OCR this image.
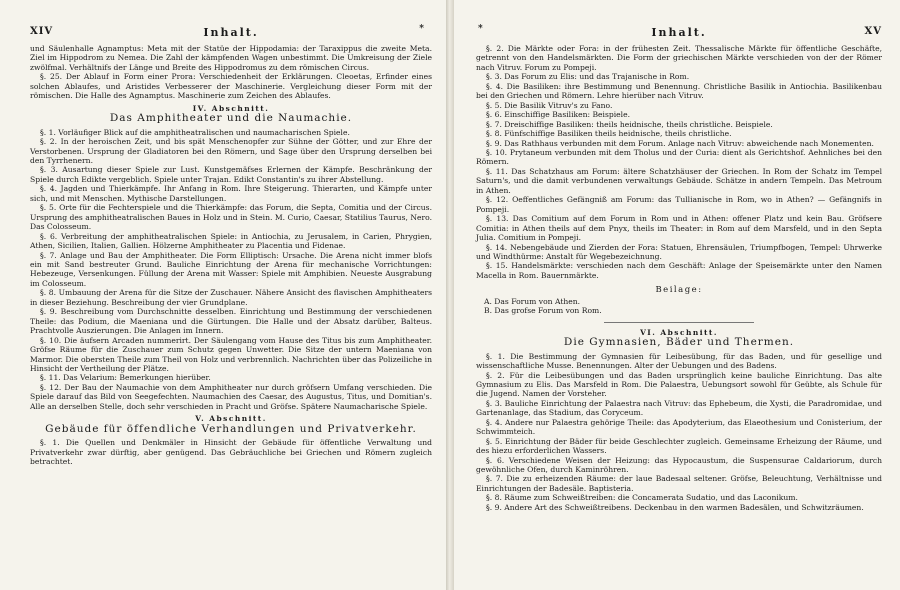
XIV	Inhalt.	*

und Säulenhalle Agnamptus: Meta mit der Statüe der Hippodamia: der Taraxippus die zweite Meta. Ziel im Hippodrom zu Nemea. Die Zahl der kämpfenden Wagen unbestimmt. Die Umkreisung der Ziele zwölfmal. Verhältnifs der Länge und Breite des Hippodromus zu dem römischen Circus.

§. 25. Der Ablauf in Form einer Prora: Verschiedenheit der Erklärungen. Cleoetas, Erfinder eines solchen Ablaufes, und Aristides Verbesserer der Maschinerie. Vergleichung dieser Form mit der römischen. Die Halle des Agnamptus. Maschinerie zum Zeichen des Ablaufes.

IV. Abschnitt.
Das Amphitheater und die Naumachie.

§. 1. Vorläufiger Blick auf die amphitheatralischen und naumacharischen Spiele.

§. 2. In der heroischen Zeit, und bis spät Menschenopfer zur Sühne der Götter, und zur Ehre der Verstorbenen. Ursprung der Gladiatoren bei den Römern, und Sage über den Ursprung derselben bei den Tyrrhenern.

§. 3. Ausartung dieser Spiele zur Lust. Kunstgemäfses Erlernen der Kämpfe. Beschränkung der Spiele durch Edikte vergeblich. Spiele unter Trajan. Edikt Constantin's zu ihrer Abstellung.

§. 4. Jagden und Thierkämpfe. Ihr Anfang in Rom. Ihre Steigerung. Thierarten, und Kämpfe unter sich, und mit Menschen. Mythische Darstellungen.

§. 5. Orte für die Fechterspiele und die Thierkämpfe: das Forum, die Septa, Comitia und der Circus. Ursprung des amphitheatralischen Baues in Holz und in Stein. M. Curio, Caesar, Statilius Taurus, Nero. Das Colosseum.

§. 6. Verbreitung der amphitheatralischen Spiele: in Antiochia, zu Jerusalem, in Carien, Phrygien, Athen, Sicilien, Italien, Gallien. Hölzerne Amphitheater zu Placentia und Fidenae.

§. 7. Anlage und Bau der Amphitheater. Die Form Elliptisch: Ursache. Die Arena nicht immer blofs ein mit Sand bestreuter Grund. Bauliche Einrichtung der Arena für mechanische Vorrichtungen: Hebezeuge, Versenkungen. Füllung der Arena mit Wasser: Spiele mit Amphibien. Neueste Ausgrabung im Colosseum.

§. 8. Umbauung der Arena für die Sitze der Zuschauer. Nähere Ansicht des flavischen Amphitheaters in dieser Beziehung. Beschreibung der vier Grundplane.

§. 9. Beschreibung vom Durchschnitte desselben. Einrichtung und Bestimmung der verschiedenen Theile: das Podium, die Maeniana und die Gürtungen. Die Halle und der Absatz darüber, Balteus. Prachtvolle Auszierungen. Die Anlagen im Innern.

§. 10. Die äufsern Arcaden nummerirt. Der Säulengang vom Hause des Titus bis zum Amphitheater. Gröfse Räume für die Zuschauer zum Schutz gegen Unwetter. Die Sitze der untern Maeniana von Marmor. Die obersten Theile zum Theil von Holz und verbrennlich. Nachrichten über das Polizeiliche in Hinsicht der Vertheilung der Plätze.

§. 11. Das Velarium: Bemerkungen hierüber.

§. 12. Der Bau der Naumachie von dem Amphitheater nur durch gröfsern Umfang verschieden. Die Spiele darauf das Bild von Seegefechten. Naumachien des Caesar, des Augustus, Titus, und Domitian's. Alle an derselben Stelle, doch sehr verschieden in Pracht und Gröfse. Spätere Naumacharische Spiele.

V. Abschnitt.
Gebäude für öffendliche Verhandlungen und Privatverkehr.

§. 1. Die Quellen und Denkmäler in Hinsicht der Gebäude für öffentliche Verwaltung und Privatverkehr zwar dürftig, aber genügend. Das Gebräuchliche bei Griechen und Römern zugleich betrachtet.

*	Inhalt.	XV

§. 2. Die Märkte oder Fora: in der frühesten Zeit. Thessalische Märkte für öffentliche Geschäfte, getrennt von den Handelsmärkten. Die Form der griechischen Märkte verschieden von der der Römer nach Vitruv. Forum zu Pompeji.

§. 3. Das Forum zu Elis: und das Trajanische in Rom.

§. 4. Die Basiliken: ihre Bestimmung und Benennung. Christliche Basilik in Antiochia. Basilikenbau bei den Griechen und Römern. Lehre hierüber nach Vitruv.

§. 5. Die Basilik Vitruv's zu Fano.

§. 6. Einschiffige Basiliken: Beispiele.

§. 7. Dreischiffige Basiliken: theils heidnische, theils christliche. Beispiele.

§. 8. Fünfschiffige Basiliken theils heidnische, theils christliche.

§. 9. Das Rathhaus verbunden mit dem Forum. Anlage nach Vitruv: abweichende nach Monementen.

§. 10. Prytaneum verbunden mit dem Tholus und der Curia: dient als Gerichtshof. Aehnliches bei den Römern.

§. 11. Das Schatzhaus am Forum: ältere Schatzhäuser der Griechen. In Rom der Schatz im Tempel Saturn's, und die damit verbundenen verwaltungs Gebäude. Schätze in andern Tempeln. Das Metroum in Athen.

§. 12. Oeffentliches Gefängniß am Forum: das Tullianische in Rom, wo in Athen? — Gefängnifs in Pompeji.

§. 13. Das Comitium auf dem Forum in Rom und in Athen: offener Platz und kein Bau. Gröfsere Comitia: in Athen theils auf dem Pnyx, theils im Theater: in Rom auf dem Marsfeld, und in den Septa Julia. Comitium in Pompeji.

§. 14. Nebengebäude und Zierden der Fora: Statuen, Ehrensäulen, Triumpfbogen, Tempel: Uhrwerke und Windthürme: Anstalt für Wegebezeichnung.

§. 15. Handelsmärkte: verschieden nach dem Geschäft: Anlage der Speisemärkte unter den Namen Macella in Rom. Bauernmärkte.

Beilage:

A. Das Forum von Athen.

B. Das grofse Forum von Rom.

VI. Abschnitt.
Die Gymnasien, Bäder und Thermen.

§. 1. Die Bestimmung der Gymnasien für Leibesübung, für das Baden, und für gesellige und wissenschaftliche Musse. Benennungen. Alter der Uebungen und des Badens.

§. 2. Für die Leibesübungen und das Baden ursprünglich keine bauliche Einrichtung. Das alte Gymnasium zu Elis. Das Marsfeld in Rom. Die Palaestra, Uebungsort sowohl für Geübte, als Schule für die Jugend. Namen der Vorsteher.

§. 3. Bauliche Einrichtung der Palaestra nach Vitruv: das Ephebeum, die Xysti, die Paradromidae, und Gartenanlage, das Stadium, das Coryceum.

§. 4. Andere nur Palaestra gehörige Theile: das Apodyterium, das Elaeothesium und Conisterium, der Schwimmteich.

§. 5. Einrichtung der Bäder für beide Geschlechter zugleich. Gemeinsame Erheizung der Räume, und des hiezu erforderlichen Wassers.

§. 6. Verschiedene Weisen der Heizung: das Hypocaustum, die Suspensurae Caldariorum, durch gewöhnliche Ofen, durch Kaminröhren.

§. 7. Die zu erheizenden Räume: der laue Badesaal seltener. Gröfse, Beleuchtung, Verhältnisse und Einrichtungen der Badesäle. Baptisteria.

§. 8. Räume zum Schweißtreiben: die Concamerata Sudatio, und das Laconikum.

§. 9. Andere Art des Schweißtreibens. Deckenbau in den warmen Badesälen, und Schwitzräumen.
